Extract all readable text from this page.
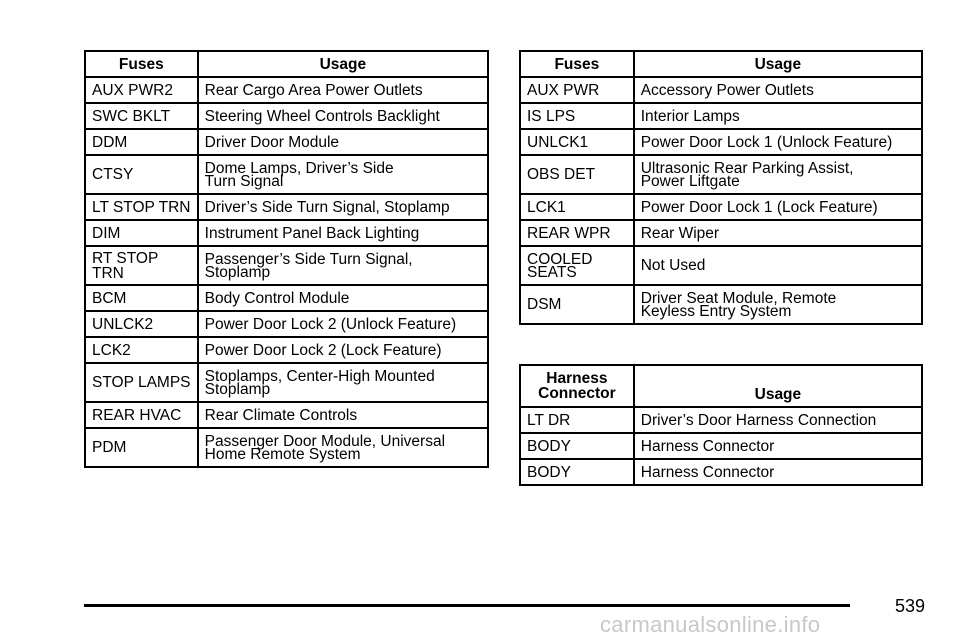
Fuses	Usage
AUX PWR2	Rear Cargo Area Power Outlets
SWC BKLT	Steering Wheel Controls Backlight
DDM	Driver Door Module
CTSY	Dome Lamps, Driver’s Side
Turn Signal
LT STOP TRN	Driver’s Side Turn Signal, Stoplamp
DIM	Instrument Panel Back Lighting
RT STOP TRN	Passenger’s Side Turn Signal,
Stoplamp
BCM	Body Control Module
UNLCK2	Power Door Lock 2 (Unlock Feature)
LCK2	Power Door Lock 2 (Lock Feature)
STOP LAMPS	Stoplamps, Center-High Mounted
Stoplamp
REAR HVAC	Rear Climate Controls
PDM	Passenger Door Module, Universal
Home Remote System
Fuses	Usage
AUX PWR	Accessory Power Outlets
IS LPS	Interior Lamps
UNLCK1	Power Door Lock 1 (Unlock Feature)
OBS DET	Ultrasonic Rear Parking Assist,
Power Liftgate
LCK1	Power Door Lock 1 (Lock Feature)
REAR WPR	Rear Wiper
COOLED
SEATS	Not Used
DSM	Driver Seat Module, Remote
Keyless Entry System
Harness
Connector	Usage
LT DR	Driver’s Door Harness Connection
BODY	Harness Connector
BODY	Harness Connector
539
carmanualsonline.info
